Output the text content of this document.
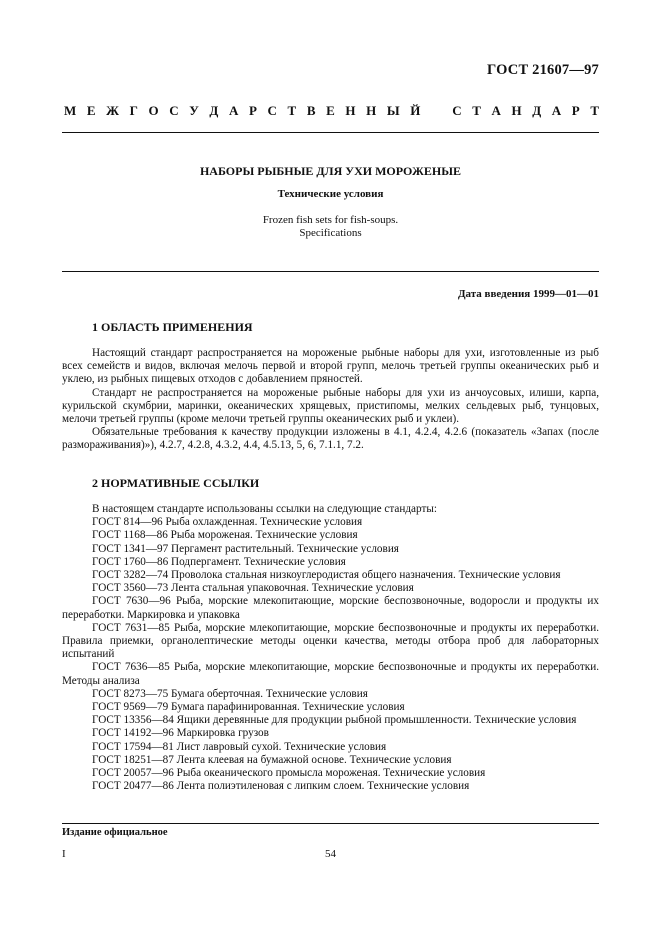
ГОСТ 21607—97
М Е Ж Г О С У Д А Р С Т В Е Н Н Ы Й С Т А Н Д А Р Т
НАБОРЫ РЫБНЫЕ ДЛЯ УХИ МОРОЖЕНЫЕ
Технические условия
Frozen fish sets for fish-soups.
Specifications
Дата введения 1999—01—01
1 ОБЛАСТЬ ПРИМЕНЕНИЯ

Настоящий стандарт распространяется на мороженые рыбные наборы для ухи, изготовленные из рыб всех семейств и видов, включая мелочь первой и второй групп, мелочь третьей группы океанических рыб и уклею, из рыбных пищевых отходов с добавлением пряностей.

Стандарт не распространяется на мороженые рыбные наборы для ухи из анчоусовых, илиши, карпа, курильской скумбрии, маринки, океанических хрящевых, пристипомы, мелких сельдевых рыб, тунцовых, мелочи третьей группы (кроме мелочи третьей группы океанических рыб и уклеи).

Обязательные требования к качеству продукции изложены в 4.1, 4.2.4, 4.2.6 (показатель «Запах (после размораживания)»), 4.2.7, 4.2.8, 4.3.2, 4.4, 4.5.13, 5, 6, 7.1.1, 7.2.

2 НОРМАТИВНЫЕ ССЫЛКИ
В настоящем стандарте использованы ссылки на следующие стандарты:
ГОСТ 814—96 Рыба охлажденная. Технические условия
ГОСТ 1168—86 Рыба мороженая. Технические условия
ГОСТ 1341—97 Пергамент растительный. Технические условия
ГОСТ 1760—86 Подпергамент. Технические условия
ГОСТ 3282—74 Проволока стальная низкоуглеродистая общего назначения. Технические условия
ГОСТ 3560—73 Лента стальная упаковочная. Технические условия
ГОСТ 7630—96 Рыба, морские млекопитающие, морские беспозвоночные, водоросли и продукты их переработки. Маркировка и упаковка
ГОСТ 7631—85 Рыба, морские млекопитающие, морские беспозвоночные и продукты их переработки. Правила приемки, органолептические методы оценки качества, методы отбора проб для лабораторных испытаний
ГОСТ 7636—85 Рыба, морские млекопитающие, морские беспозвоночные и продукты их переработки. Методы анализа
ГОСТ 8273—75 Бумага оберточная. Технические условия
ГОСТ 9569—79 Бумага парафинированная. Технические условия
ГОСТ 13356—84 Ящики деревянные для продукции рыбной промышленности. Технические условия
ГОСТ 14192—96 Маркировка грузов
ГОСТ 17594—81 Лист лавровый сухой. Технические условия
ГОСТ 18251—87 Лента клеевая на бумажной основе. Технические условия
ГОСТ 20057—96 Рыба океанического промысла мороженая. Технические условия
ГОСТ 20477—86 Лента полиэтиленовая с липким слоем. Технические условия
Издание официальное
I	54
